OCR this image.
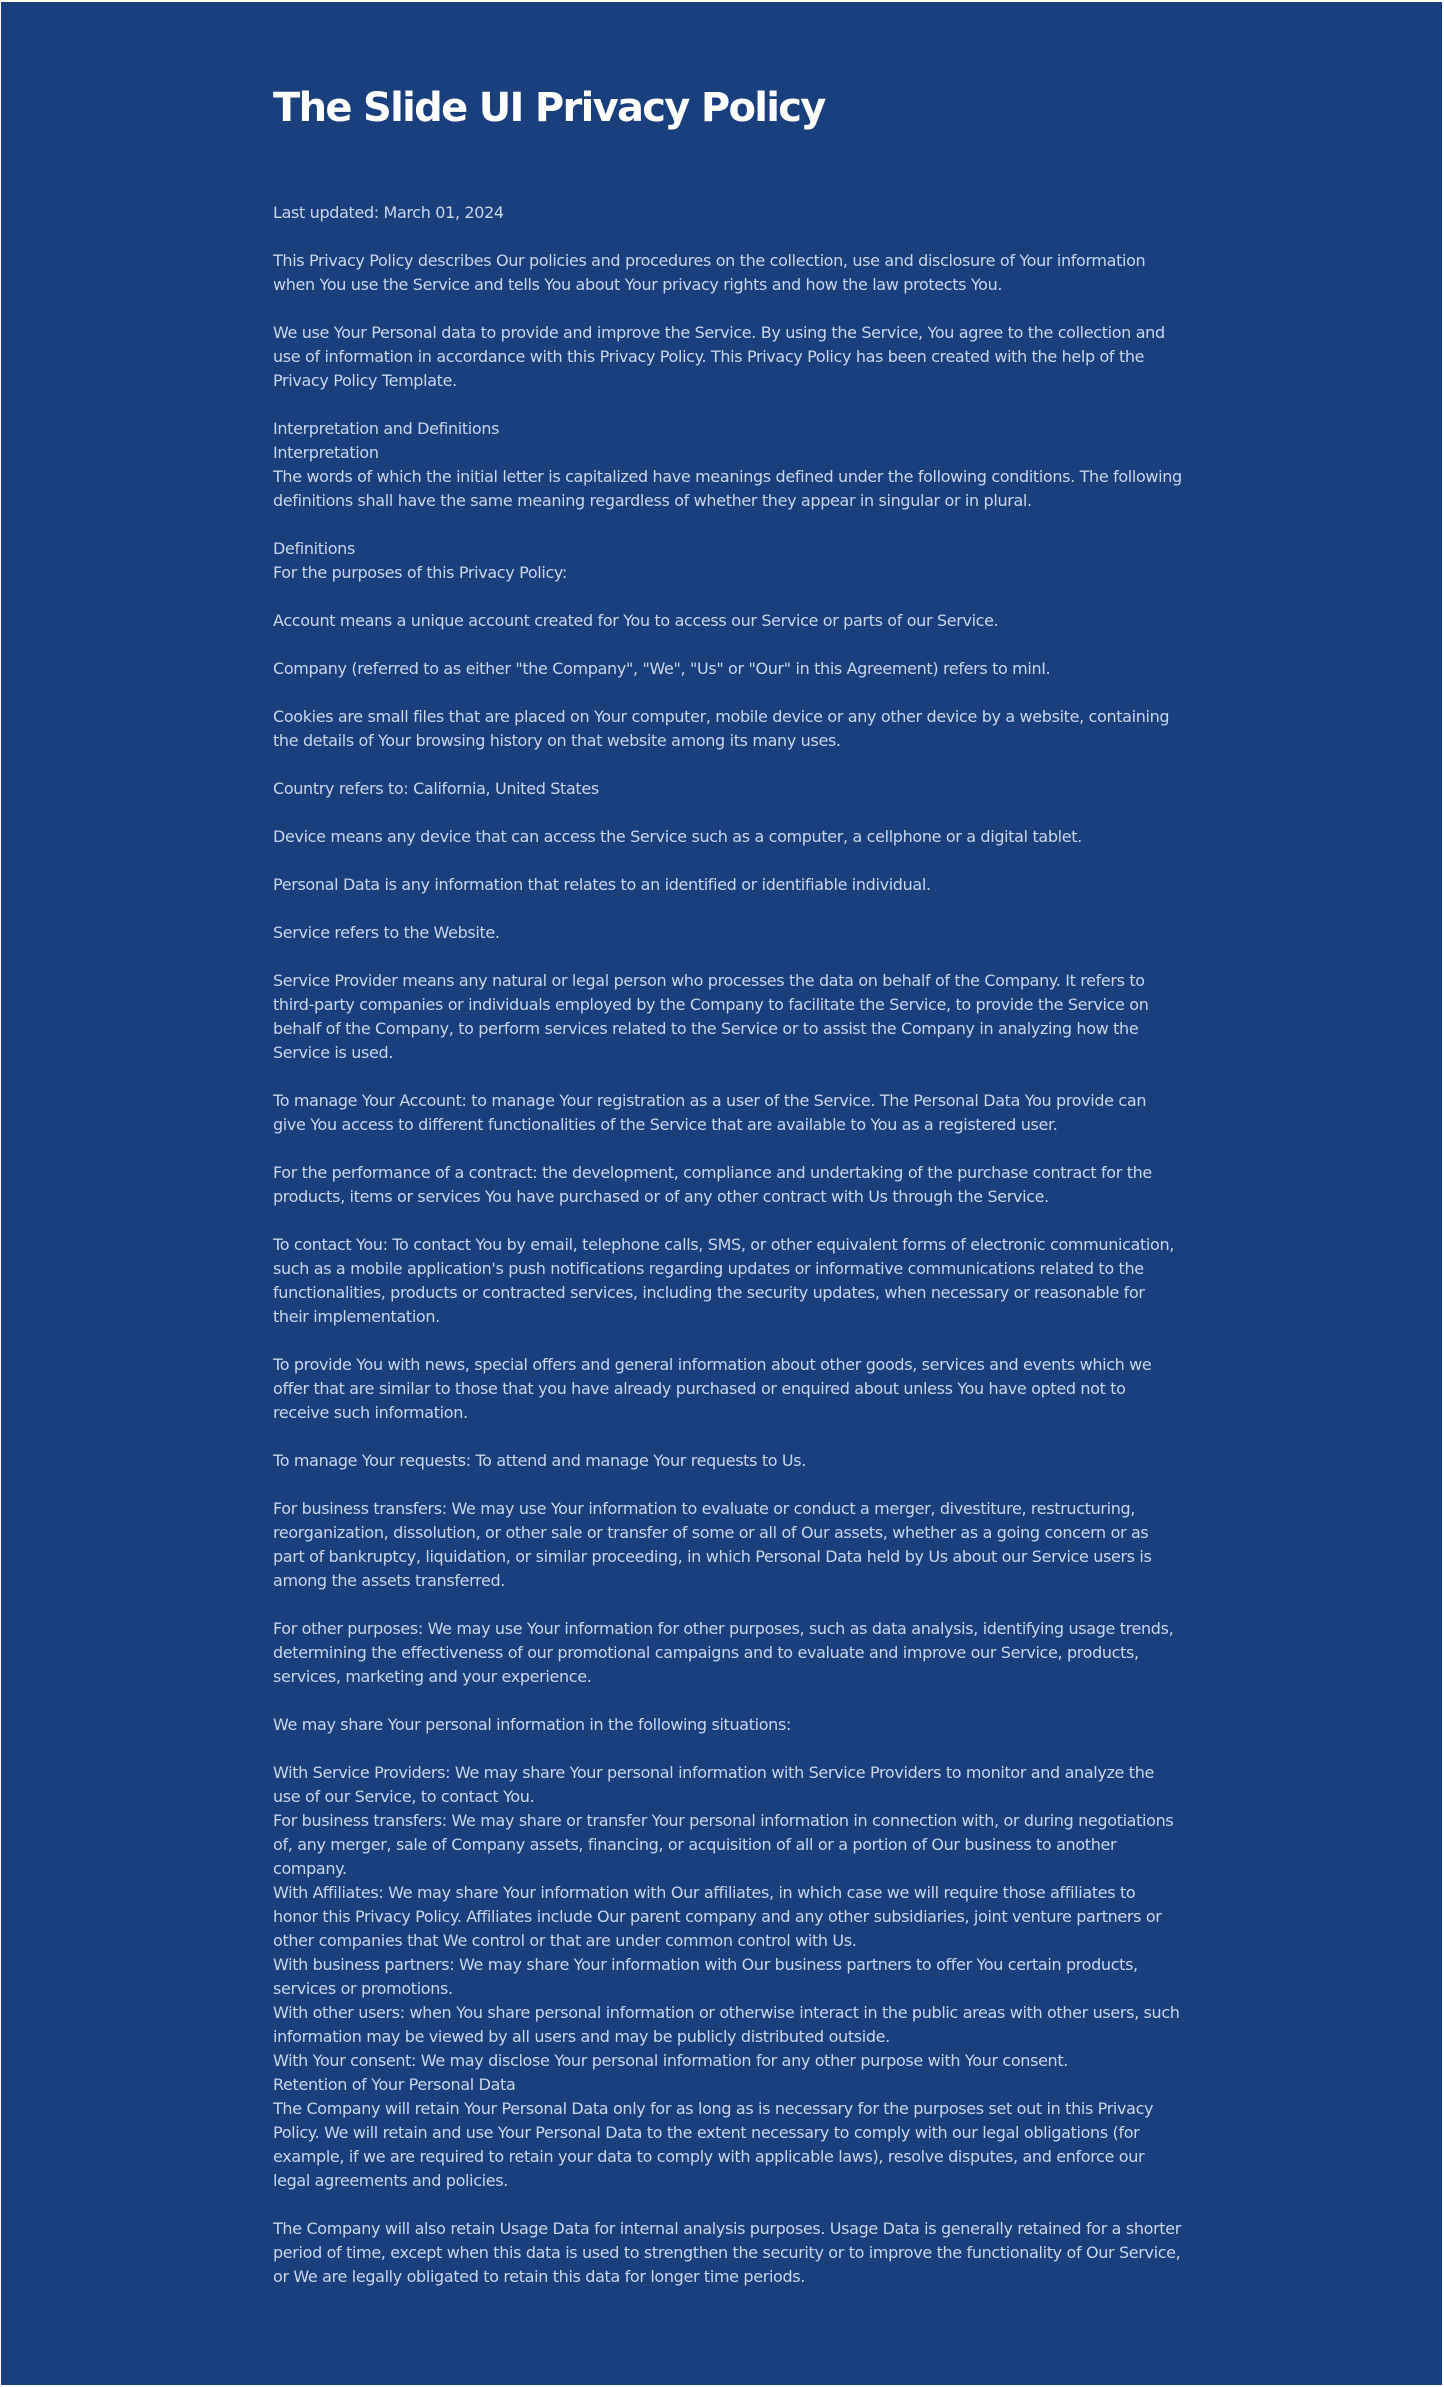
The Slide UI Privacy Policy

Last updated: March 01, 2024

This Privacy Policy describes Our policies and procedures on the collection, use and disclosure of Your information when You use the Service and tells You about Your privacy rights and how the law protects You.

We use Your Personal data to provide and improve the Service. By using the Service, You agree to the collection and use of information in accordance with this Privacy Policy. This Privacy Policy has been created with the help of the Privacy Policy Template.

Interpretation and Definitions

Interpretation

The words of which the initial letter is capitalized have meanings defined under the following conditions. The following definitions shall have the same meaning regardless of whether they appear in singular or in plural.

Definitions

For the purposes of this Privacy Policy:

Account means a unique account created for You to access our Service or parts of our Service.

Company (referred to as either "the Company", "We", "Us" or "Our" in this Agreement) refers to minI.

Cookies are small files that are placed on Your computer, mobile device or any other device by a website, containing the details of Your browsing history on that website among its many uses.

Country refers to: California, United States

Device means any device that can access the Service such as a computer, a cellphone or a digital tablet.

Personal Data is any information that relates to an identified or identifiable individual.

Service refers to the Website.

Service Provider means any natural or legal person who processes the data on behalf of the Company. It refers to third-party companies or individuals employed by the Company to facilitate the Service, to provide the Service on behalf of the Company, to perform services related to the Service or to assist the Company in analyzing how the Service is used.

To manage Your Account: to manage Your registration as a user of the Service. The Personal Data You provide can give You access to different functionalities of the Service that are available to You as a registered user.

For the performance of a contract: the development, compliance and undertaking of the purchase contract for the products, items or services You have purchased or of any other contract with Us through the Service.

To contact You: To contact You by email, telephone calls, SMS, or other equivalent forms of electronic communication, such as a mobile application's push notifications regarding updates or informative communications related to the functionalities, products or contracted services, including the security updates, when necessary or reasonable for their implementation.

To provide You with news, special offers and general information about other goods, services and events which we offer that are similar to those that you have already purchased or enquired about unless You have opted not to receive such information.

To manage Your requests: To attend and manage Your requests to Us.

For business transfers: We may use Your information to evaluate or conduct a merger, divestiture, restructuring, reorganization, dissolution, or other sale or transfer of some or all of Our assets, whether as a going concern or as part of bankruptcy, liquidation, or similar proceeding, in which Personal Data held by Us about our Service users is among the assets transferred.

For other purposes: We may use Your information for other purposes, such as data analysis, identifying usage trends, determining the effectiveness of our promotional campaigns and to evaluate and improve our Service, products, services, marketing and your experience.

We may share Your personal information in the following situations:

With Service Providers: We may share Your personal information with Service Providers to monitor and analyze the use of our Service, to contact You.

For business transfers: We may share or transfer Your personal information in connection with, or during negotiations of, any merger, sale of Company assets, financing, or acquisition of all or a portion of Our business to another company.

With Affiliates: We may share Your information with Our affiliates, in which case we will require those affiliates to honor this Privacy Policy. Affiliates include Our parent company and any other subsidiaries, joint venture partners or other companies that We control or that are under common control with Us.

With business partners: We may share Your information with Our business partners to offer You certain products, services or promotions.

With other users: when You share personal information or otherwise interact in the public areas with other users, such information may be viewed by all users and may be publicly distributed outside.

With Your consent: We may disclose Your personal information for any other purpose with Your consent.

Retention of Your Personal Data

The Company will retain Your Personal Data only for as long as is necessary for the purposes set out in this Privacy Policy. We will retain and use Your Personal Data to the extent necessary to comply with our legal obligations (for example, if we are required to retain your data to comply with applicable laws), resolve disputes, and enforce our legal agreements and policies.

The Company will also retain Usage Data for internal analysis purposes. Usage Data is generally retained for a shorter period of time, except when this data is used to strengthen the security or to improve the functionality of Our Service, or We are legally obligated to retain this data for longer time periods.
